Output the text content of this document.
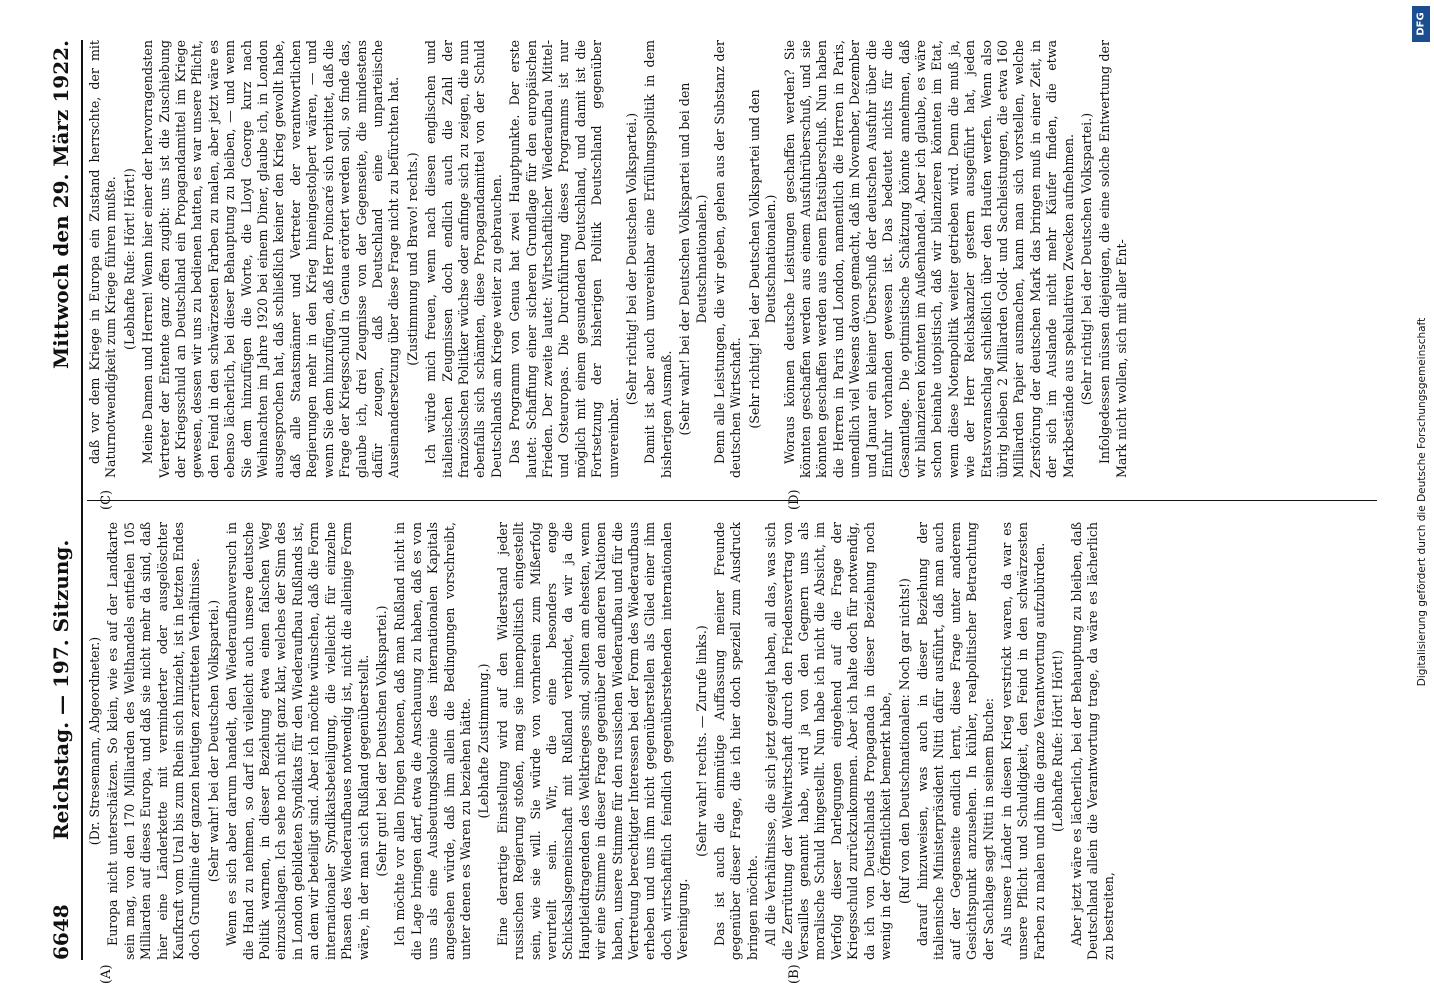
DFG
Digitalisierung gefördert durch die Deutsche Forschungsgemeinschaft
6648
Reichstag. — 197. Sitzung.
Mittwoch den 29. März 1922.
(A)	(B)
(C)	(D)

(Dr. Stresemann, Abgeordneter.) Europa nicht unterschätzen. So klein, wie es auf der Landkarte sein mag, von den 170 Milliarden des Welthandels entfielen 105 Milliarden auf dieses Europa, und daß sie nicht mehr da sind, daß hier eine Länderkette mit verminderter oder ausgelöschter Kaufkraft vom Ural bis zum Rhein sich hinzieht, ist in letzten Endes doch Grundlinie der ganzen heutigen zerrütteten Verhältnisse. (Sehr wahr! bei der Deutschen Volkspartei.) Wenn es sich aber darum handelt, den Wiederaufbauversuch in die Hand zu nehmen, so darf ich vielleicht auch unsere deutsche Politik warnen, in dieser Beziehung etwa einen falschen Weg einzuschlagen. Ich sehe noch nicht ganz klar, welches der Sinn des in London gebildeten Syndikats für den Wiederaufbau Rußlands ist, an dem wir beteiligt sind. Aber ich möchte wünschen, daß die Form internationaler Syndikatsbeteiligung, die vielleicht für einzelne Phasen des Wiederaufbaues notwendig ist, nicht die alleinige Form wäre, in der man sich Rußland gegenüberstellt. (Sehr gut! bei der Deutschen Volkspartei.) Ich möchte vor allen Dingen betonen, daß man Rußland nicht in die Lage bringen darf, etwa die Anschauung zu haben, daß es von uns als eine Ausbeutungskolonie des internationalen Kapitals angesehen würde, daß ihm allein die Bedingungen vorschreibt, unter denen es Waren zu beziehen hätte. (Lebhafte Zustimmung.) Eine derartige Einstellung wird auf den Widerstand jeder russischen Regierung stoßen, mag sie innenpolitisch eingestellt sein, wie sie will. Sie würde von vornherein zum Mißerfolg verurteilt sein. Wir, die eine besonders enge Schicksalsgemeinschaft mit Rußland verbindet, da wir ja die Hauptleidtragenden des Weltkrieges sind, sollten am ehesten, wenn wir eine Stimme in dieser Frage gegenüber den anderen Nationen haben, unsere Stimme für den russischen Wiederaufbau und für die Vertretung berechtigter Interessen bei der Form des Wiederaufbaus erheben und uns ihm nicht gegenüberstellen als Glied einer ihm doch wirtschaftlich feindlich gegenüberstehenden internationalen Vereinigung.

(Sehr wahr! rechts. — Zurufe links.) Das ist auch die einmütige Auffassung meiner Freunde gegenüber dieser Frage, die ich hier doch speziell zum Ausdruck bringen möchte. All die Verhältnisse, die sich jetzt gezeigt haben, all das, was sich die Zerrüttung der Weltwirtschaft durch den Friedensvertrag von Versailles genannt habe, wird ja von den Gegnern uns als moralische Schuld hingestellt. Nun habe ich nicht die Absicht, im Verfolg dieser Darlegungen eingehend auf die Frage der Kriegsschuld zurückzukommen. Aber ich halte doch für notwendig, da ich von Deutschlands Propaganda in dieser Beziehung noch wenig in der Öffentlichkeit bemerkt habe, (Ruf von den Deutschnationalen: Noch gar nichts!) darauf hinzuweisen, was auch in dieser Beziehung der italienische Ministerpräsident Nitti dafür ausführt, daß man auch auf der Gegenseite endlich lernt, diese Frage unter anderem Gesichtspunkt anzusehen. In kühler, realpolitischer Betrachtung der Sachlage sagt Nitti in seinem Buche: Als unsere Länder in diesen Krieg verstrickt waren, da war es unsere Pflicht und Schuldigkeit, den Feind in den schwärzesten Farben zu malen und ihm die ganze Verantwortung aufzubürden. (Lebhafte Rufe: Hört! Hört!) Aber jetzt wäre es lächerlich, bei der Behauptung zu bleiben, daß Deutschland allein die Verantwortung trage, da wäre es lächerlich zu bestreiten,

daß vor dem Kriege in Europa ein Zustand herrschte, der mit Naturnotwendigkeit zum Kriege führen mußte. (Lebhafte Rufe: Hört! Hört!) Meine Damen und Herren! Wenn hier einer der hervorragendsten Vertreter der Entente ganz offen zugibt: uns ist die Zuschiebung der Kriegsschuld an Deutschland ein Propagandamittel im Kriege gewesen, dessen wir uns zu bedienen hatten, es war unsere Pflicht, den Feind in den schwärzesten Farben zu malen, aber jetzt wäre es ebenso lächerlich, bei dieser Behauptung zu bleiben, — und wenn Sie dem hinzufügen die Worte, die Lloyd George kurz nach Weihnachten im Jahre 1920 bei einem Diner, glaube ich, in London ausgesprochen hat, daß schließlich keiner den Krieg gewollt habe, daß alle Staatsmänner und Vertreter der verantwortlichen Regierungen mehr in den Krieg hineingestolpert wären, — und wenn Sie dem hinzufügen, daß Herr Poincaré sich verbittet, daß die Frage der Kriegsschuld in Genua erörtert werden soll, so finde das, glaube ich, drei Zeugnisse von der Gegenseite, die mindestens dafür zeugen, daß Deutschland eine unparteiische Auseinandersetzung über diese Frage nicht zu befürchten hat. (Zustimmung und Bravo! rechts.) Ich würde mich freuen, wenn nach diesen englischen und italienischen Zeugnissen doch endlich auch die Zahl der französischen Politiker wüchse oder anfinge sich zu zeigen, die nun ebenfalls sich schämten, diese Propagandamittel von der Schuld Deutschlands am Kriege weiter zu gebrauchen. Das Programm von Genua hat zwei Hauptpunkte. Der erste lautet: Schaffung einer sicheren Grundlage für den europäischen Frieden. Der zweite lautet: Wirtschaftlicher Wiederaufbau Mittel- und Osteuropas. Die Durchführung dieses Programms ist nur möglich mit einem gesundenden Deutschland, und damit ist die Fortsetzung der bisherigen Politik Deutschland gegenüber unvereinbar.

(Sehr richtig! bei der Deutschen Volkspartei.) Damit ist aber auch unvereinbar eine Erfüllungspolitik in dem bisherigen Ausmaß. (Sehr wahr! bei der Deutschen Volkspartei und bei den Deutschnationalen.) Denn alle Leistungen, die wir geben, gehen aus der Substanz der deutschen Wirtschaft. (Sehr richtig! bei der Deutschen Volkspartei und den Deutschnationalen.) Woraus können deutsche Leistungen geschaffen werden? Sie könnten geschaffen werden aus einem Ausfuhrüberschuß, und sie könnten geschaffen werden aus einem Etatsüberschuß. Nun haben die Herren in Paris und London, namentlich die Herren in Paris, unendlich viel Wesens davon gemacht, daß im November, Dezember und Januar ein kleiner Überschuß der deutschen Ausfuhr über die Einfuhr vorhanden gewesen ist. Das bedeutet nichts für die Gesamtlage. Die optimistische Schätzung könnte annehmen, daß wir bilanzieren könnten im Außenhandel. Aber ich glaube, es wäre schon beinahe utopistisch, daß wir bilanzieren könnten im Etat, wenn diese Notenpolitik weiter getrieben wird. Denn die muß ja, wie der Herr Reichskanzler gestern ausgeführt hat, jeden Etatsvoranschlag schließlich über den Haufen werfen. Wenn also übrig bleiben 2 Milliarden Gold- und Sachleistungen, die etwa 160 Milliarden Papier ausmachen, kann man sich vorstellen, welche Zerstörung der deutschen Mark das bringen muß in einer Zeit, in der sich im Auslande nicht mehr Käufer finden, die etwa Markbestände aus spekulativen Zwecken aufnehmen. (Sehr richtig! bei der Deutschen Volkspartei.) Infolgedessen müssen diejenigen, die eine solche Entwertung der Mark nicht wollen, sich mit aller Ent-
